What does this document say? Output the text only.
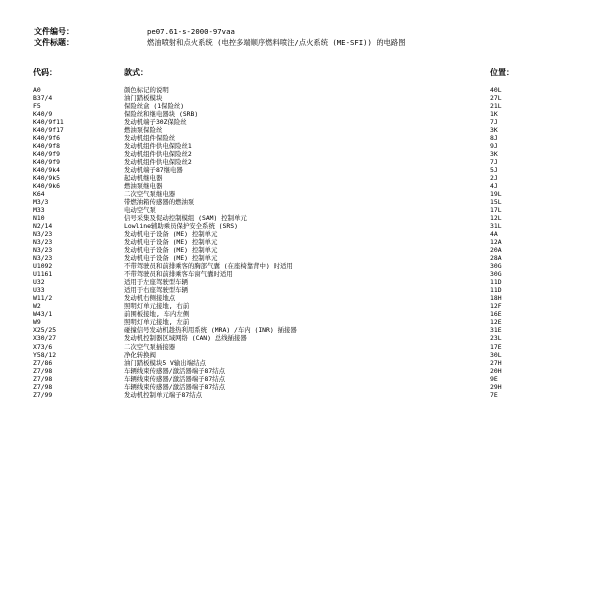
文件编号：	pe07.61-s-2000-97vaa
文件标题：	燃油喷射和点火系统 (电控多端顺序燃料喷注/点火系统 (ME-SFI)) 的电路图
代码：	款式：	位置：
A0	颜色标记的说明	40L
B37/4	油门踏板模块	27L
F5	保险丝盒 (1保险丝)	21L
K40/9	保险丝和继电器块 (SRB)	1K
K40/9f11	发动机端子30Z保险丝	7J
K40/9f17	燃油泵保险丝	3K
K40/9f6	发动机组件保险丝	8J
K40/9f8	发动机组件供电保险丝1	9J
K40/9f9	发动机组件供电保险丝2	3K
K40/9f9	发动机组件供电保险丝2	7J
K40/9k4	发动机端子87继电器	5J
K40/9k5	起动机继电器	2J
K40/9k6	燃油泵继电器	4J
K64	二次空气泵继电器	19L
M3/3	带燃油箱传感器的燃油泵	15L
M33	电动空气泵	17L
N10	信号采集及促动控制模组 (SAM) 控制单元	12L
N2/14	Lowline辅助乘员保护安全系统 (SRS)	31L
N3/23	发动机电子设备 (ME) 控制单元	4A
N3/23	发动机电子设备 (ME) 控制单元	12A
N3/23	发动机电子设备 (ME) 控制单元	20A
N3/23	发动机电子设备 (ME) 控制单元	28A
U1092	不带驾驶员和前排乘客的胸部气囊 (在座椅靠背中) 时适用	30G
U1161	不带驾驶员和前排乘客车窗气囊时适用	30G
U32	适用于左座驾驶型车辆	11D
U33	适用于右座驾驶型车辆	11D
W11/2	发动机右侧接地点	18H
W2	照明灯单元接地, 右前	12F
W43/1	前围板接地, 车内左侧	16E
W9	照明灯单元接地, 左前	12E
X25/25	碰撞信号发动机趁热利用系统 (MRA) /车内 (INR) 插接器	31E
X30/27	发动机控制器区域网络 (CAN) 总线插接器	23L
X73/6	二次空气泵插接器	17E
Y58/12	净化转换阀	30L
Z7/86	油门踏板模块5 V输出端结点	27H
Z7/98	车辆线束传感器/激活器端子87结点	20H
Z7/98	车辆线束传感器/激活器端子87结点	9E
Z7/98	车辆线束传感器/激活器端子87结点	29H
Z7/99	发动机控制单元端子87结点	7E
